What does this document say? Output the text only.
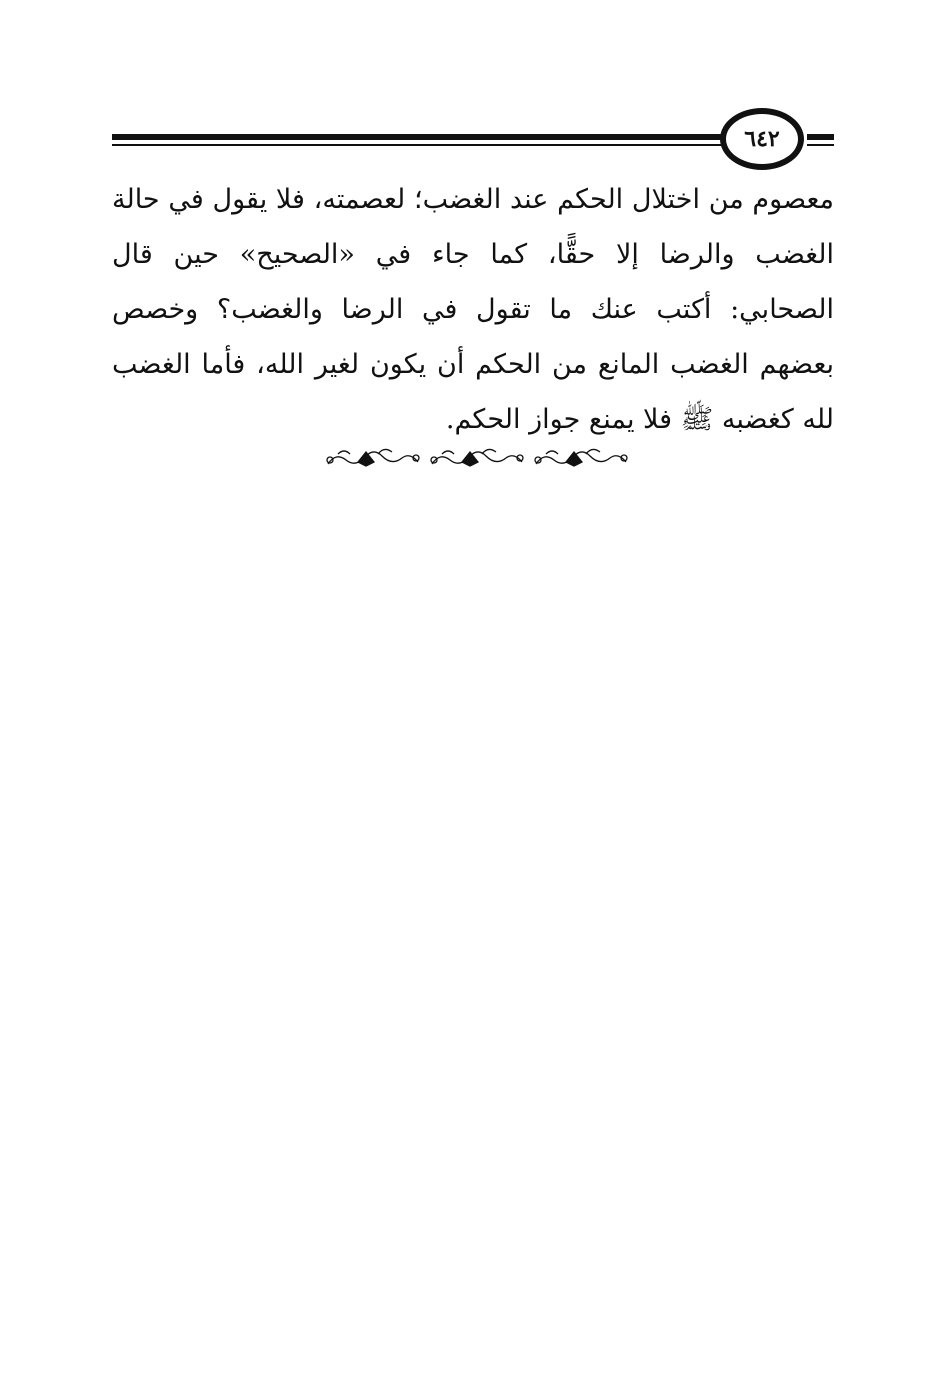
٦٤٢

معصوم من اختلال الحكم عند الغضب؛ لعصمته، فلا يقول في حالة الغضب والرضا إلا حقًّا، كما جاء في «الصحيح» حين قال الصحابي: أكتب عنك ما تقول في الرضا والغضب؟ وخصص بعضهم الغضب المانع من الحكم أن يكون لغير الله، فأما الغضب لله كغضبه ﷺ فلا يمنع جواز الحكم.
